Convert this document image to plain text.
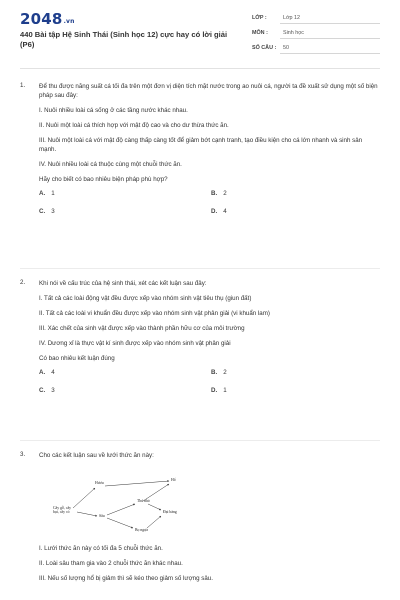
2048.vn
440 Bài tập Hệ Sinh Thái (Sinh học 12) cực hay có lời giải (P6)
LỚP :	Lớp 12
MÔN :	Sinh học
SỐ CÂU : 50
1. Để thu được năng suất cá tối đa trên một đơn vị diện tích mặt nước trong ao nuôi cá, người ta đề xuất sử dụng một số biện pháp sau đây:

I. Nuôi nhiều loài cá sống ở các tầng nước khác nhau.

II. Nuôi một loài cá thích hợp với mật độ cao và cho dư thừa thức ăn.

III. Nuôi một loài cá với mật độ càng thấp càng tốt để giảm bớt cạnh tranh, tạo điều kiện cho cá lớn nhanh và sinh sản mạnh.

IV. Nuôi nhiều loài cá thuộc cùng một chuỗi thức ăn.

Hãy cho biết có bao nhiêu biện pháp phù hợp?

A. 1	B. 2
C. 3	D. 4
2. Khi nói về cấu trúc của hệ sinh thái, xét các kết luận sau đây:

I. Tất cả các loài động vật đều được xếp vào nhóm sinh vật tiêu thụ (giun đất)

II. Tất cả các loài vi khuẩn đều được xếp vào nhóm sinh vật phân giải (vi khuẩn lam)

III. Xác chết của sinh vật được xếp vào thành phần hữu cơ của môi trường

IV. Dương xỉ là thực vật kí sinh được xếp vào nhóm sinh vật phân giải

Có bao nhiêu kết luận đúng

A. 4	B. 2
C. 3	D. 1
3. Cho các kết luận sau về lưới thức ăn này:

Cây gỗ, cây bụi, cây cỏ
Hươu
Hổ
Sâu
Thú nhỏ
Đại bàng
Bọ ngựa

I. Lưới thức ăn này có tối đa 5 chuỗi thức ăn.

II. Loài sâu tham gia vào 2 chuỗi thức ăn khác nhau.

III. Nếu số lượng hổ bị giảm thì sẽ kéo theo giảm số lượng sâu.
